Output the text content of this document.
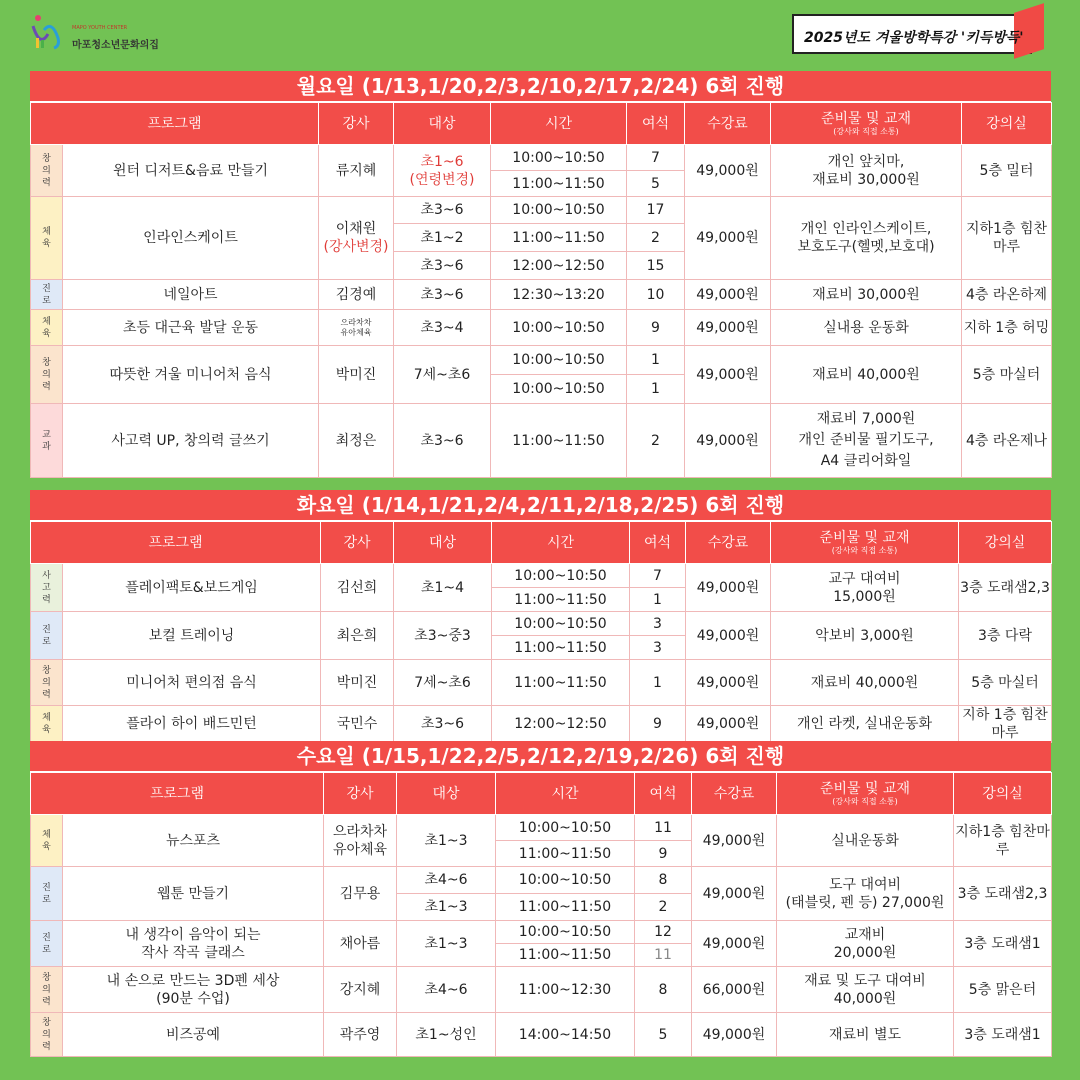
MAPO YOUTH CENTER
마포청소년문화의집	2025년도 겨울방학특강 '키득방득'
월요일 (1/13,1/20,2/3,2/10,2/17,2/24) 6회 진행
프로그램		강사	대상	시간	여석	수강료	준비물 및 교재
(강사와 직접 소통)	강의실
창
의
력	윈터 디저트&음료 만들기	류지혜	초1~6
(연령변경)	10:00~10:50	7	49,000원	개인 앞치마,
재료비 30,000원	5층 밀터
				11:00~11:50	5			
체
육	인라인스케이트	이채원
(강사변경)	초3~6	10:00~10:50	17	49,000원	개인 인라인스케이트,
보호도구(헬멧,보호대)	지하1층 힘찬마루
			초1~2	11:00~11:50	2			
			초3~6	12:00~12:50	15			
진
로	네일아트	김경예	초3~6	12:30~13:20	10	49,000원	재료비 30,000원	4층 라온하제
체
육	초등 대근육 발달 운동	으라차차
유아체육	초3~4	10:00~10:50	9	49,000원	실내용 운동화	지하 1층 허밍
창
의
력	따뜻한 겨울 미니어처 음식	박미진	7세~초6	10:00~10:50	1	49,000원	재료비 40,000원	5층 마실터
				10:00~10:50	1			
교
과	사고력 UP, 창의력 글쓰기	최정은	초3~6	11:00~11:50	2	49,000원	재료비 7,000원
개인 준비물 필기도구,
A4 클리어화일	4층 라온제나
화요일 (1/14,1/21,2/4,2/11,2/18,2/25) 6회 진행
프로그램		강사	대상	시간	여석	수강료	준비물 및 교재
(강사와 직접 소통)	강의실
사
고
력	플레이팩토&보드게임	김선희	초1~4	10:00~10:50	7	49,000원	교구 대여비
15,000원	3층 도래샘2,3
				11:00~11:50	1			
진
로	보컬 트레이닝	최은희	초3~중3	10:00~10:50	3	49,000원	악보비 3,000원	3층 다락
				11:00~11:50	3			
창
의
력	미니어처 편의점 음식	박미진	7세~초6	11:00~11:50	1	49,000원	재료비 40,000원	5층 마실터
체
육	플라이 하이 배드민턴	국민수	초3~6	12:00~12:50	9	49,000원	개인 라켓, 실내운동화	지하 1층 힘찬마루
수요일 (1/15,1/22,2/5,2/12,2/19,2/26) 6회 진행
프로그램		강사	대상	시간	여석	수강료	준비물 및 교재
(강사와 직접 소통)	강의실
체
육	뉴스포츠	으라차차
유아체육	초1~3	10:00~10:50	11	49,000원	실내운동화	지하1층 힘찬마루
				11:00~11:50	9			
진
로	웹툰 만들기	김무용	초4~6	10:00~10:50	8	49,000원	도구 대여비
(태블릿, 펜 등) 27,000원	3층 도래샘2,3
			초1~3	11:00~11:50	2			
진
로	내 생각이 음악이 되는
작사 작곡 클래스	채아름	초1~3	10:00~10:50	12	49,000원	교재비
20,000원	3층 도래샘1
				11:00~11:50	11			
창
의
력	내 손으로 만드는 3D펜 세상
(90분 수업)	강지혜	초4~6	11:00~12:30	8	66,000원	재료 및 도구 대여비
40,000원	5층 맑은터
창
의
력	비즈공예	곽주영	초1~성인	14:00~14:50	5	49,000원	재료비 별도	3층 도래샘1
